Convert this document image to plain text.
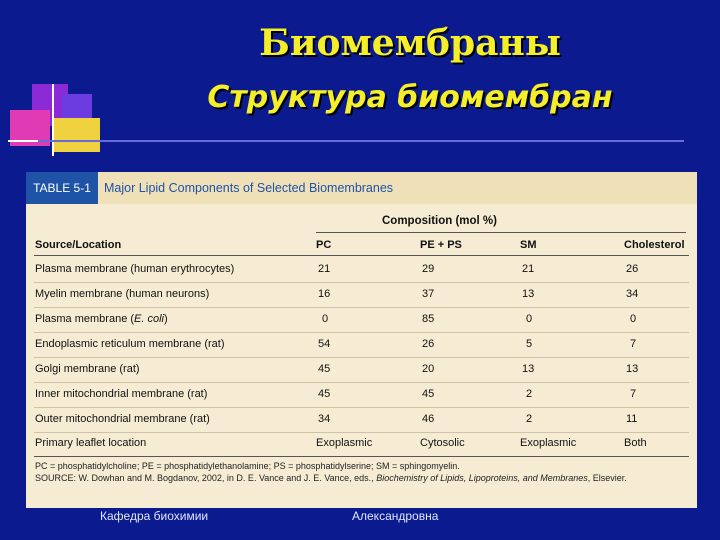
Биомембраны
Структура биомембран
TABLE 5-1	Major Lipid Components of Selected Biomembranes
Composition (mol %)
Source/Location	PC	PE + PS	SM	Cholesterol
Plasma membrane (human erythrocytes)	21	29	21	26
Myelin membrane (human neurons)	16	37	13	34
Plasma membrane (E. coli)	0	85	0	0
Endoplasmic reticulum membrane (rat)	54	26	5	7
Golgi membrane (rat)	45	20	13	13
Inner mitochondrial membrane (rat)	45	45	2	7
Outer mitochondrial membrane (rat)	34	46	2	11
Primary leaflet location	Exoplasmic	Cytosolic	Exoplasmic	Both
PC = phosphatidylcholine; PE = phosphatidylethanolamine; PS = phosphatidylserine; SM = sphingomyelin.
SOURCE: W. Dowhan and M. Bogdanov, 2002, in D. E. Vance and J. E. Vance, eds., Biochemistry of Lipids, Lipoproteins, and Membranes, Elsevier.
Кафедра биохимии	Александровна
